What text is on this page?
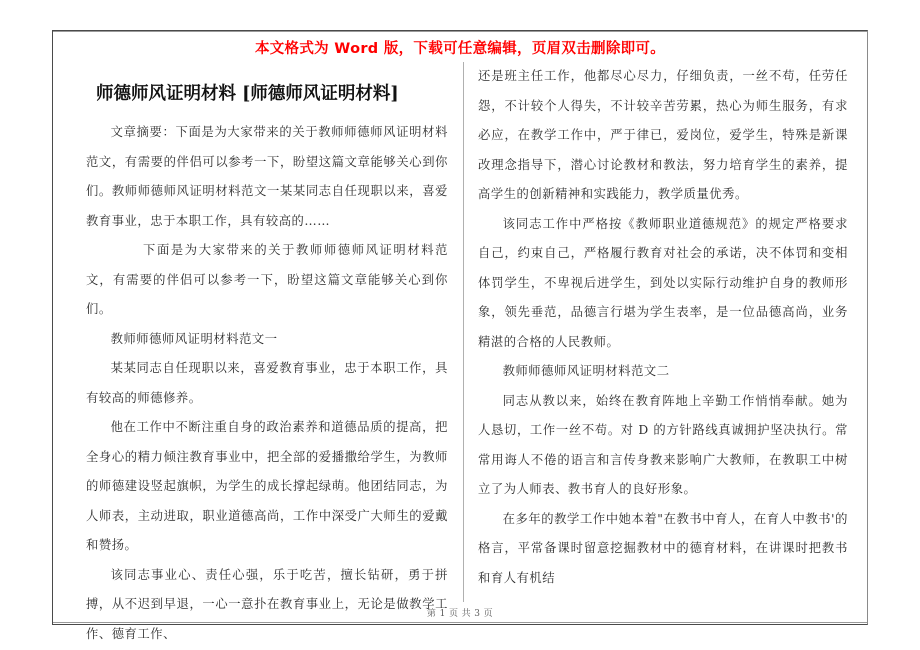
本文格式为 Word 版，下载可任意编辑，页眉双击删除即可。
师德师风证明材料 [师德师风证明材料]

文章摘要：下面是为大家带来的关于教师师德师风证明材料范文，有需要的伴侣可以参考一下，盼望这篇文章能够关心到你们。教师师德师风证明材料范文一某某同志自任现职以来，喜爱教育事业，忠于本职工作，具有较高的……

下面是为大家带来的关于教师师德师风证明材料范文，有需要的伴侣可以参考一下，盼望这篇文章能够关心到你们。

教师师德师风证明材料范文一

某某同志自任现职以来，喜爱教育事业，忠于本职工作，具有较高的师德修养。

他在工作中不断注重自身的政治素养和道德品质的提高，把全身心的精力倾注教育事业中，把全部的爱播撒给学生，为教师的师德建设竖起旗帜，为学生的成长撑起绿萌。他团结同志，为人师表，主动进取，职业道德高尚，工作中深受广大师生的爱戴和赞扬。

该同志事业心、责任心强，乐于吃苦，擅长钻研，勇于拼搏，从不迟到早退，一心一意扑在教育事业上，无论是做教学工作、德育工作、

还是班主任工作，他都尽心尽力，仔细负责，一丝不苟，任劳任怨，不计较个人得失，不计较辛苦劳累，热心为师生服务，有求必应，在教学工作中，严于律已，爱岗位，爱学生，特殊是新课改理念指导下，潜心讨论教材和教法，努力培育学生的素养，提高学生的创新精神和实践能力，教学质量优秀。

该同志工作中严格按《教师职业道德规范》的规定严格要求自己，约束自己，严格履行教育对社会的承诺，决不体罚和变相体罚学生，不卑视后进学生，到处以实际行动维护自身的教师形象，领先垂范，品德言行堪为学生表率，是一位品德高尚，业务精湛的合格的人民教师。

教师师德师风证明材料范文二

同志从教以来，始终在教育阵地上辛勤工作悄悄奉献。她为人恳切，工作一丝不苟。对 D 的方针路线真诚拥护坚决执行。常常用诲人不倦的语言和言传身教来影响广大教师，在教职工中树立了为人师表、教书育人的良好形象。

在多年的教学工作中她本着"在教书中育人，在育人中教书'的格言，平常备课时留意挖掘教材中的德育材料，在讲课时把教书和育人有机结

第 1 页 共 3 页
